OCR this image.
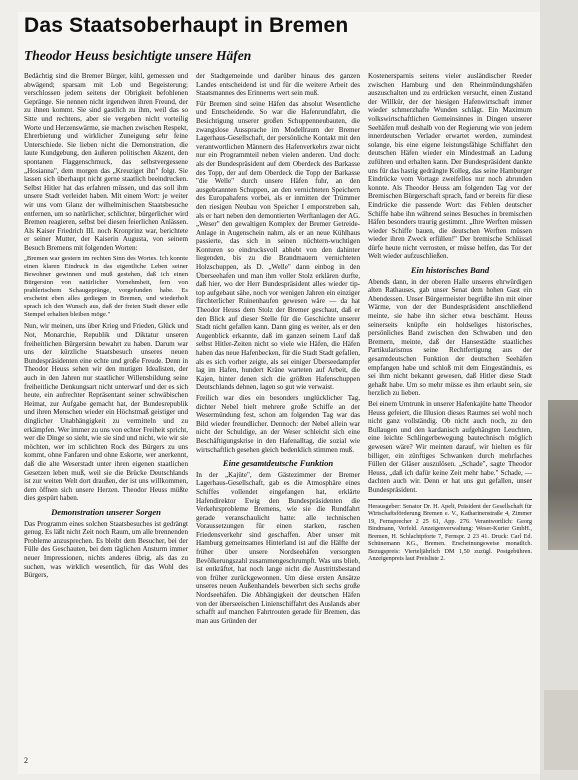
Das Staatsoberhaupt in Bremen
Theodor Heuss besichtigte unsere Häfen

Bedächtig sind die Bremer Bürger, kühl, gemessen und abwägend; sparsam mit Lob und Begeisterung; verschlossen jedem seitens der Obrigkeit befohlenen Gepränge. Sie nennen nicht irgendwen ihren Freund, der zu ihnen kommt. Sie sind gastlich zu ihm, weil das so Sitte und rechtens, aber sie vergeben nicht vorteilig Worte und Herzenswärme, sie machen zwischen Respekt, Ehrerbietung und wirklicher Zuneigung sehr feine Unterschiede. Sie lieben nicht die Demonstration, die laute Kundgebung, den äußeren politischen Akzent, den spontanen Flaggenschmuck, das selbstvergessene „Hosianna", dem morgen das „Kreuziget ihn" folgt. Sie lassen sich überhaupt nicht gerne staatlich beeindrucken. Selbst Hitler hat das erfahren müssen, und das soll ihm unsere Stadt verleidet haben. Mit einem Wort: je weiter wir uns vom Glanz der wilhelminischen Staatsbesuche entfernen, um so natürlicher, schlichter, bürgerlicher wird Bremen reagieren, selbst bei diesen feierlichen Anlässen. Als Kaiser Friedrich III. noch Kronprinz war, berichtete er seiner Mutter, der Kaiserin Augusta, von seinem Besuch Bremens mit folgenden Worten:

„Bremen war gestern im rechten Sinn des Wortes. Ich konnte einen klaren Eindruck in das eigentliche Leben seiner Bewohner gewinnen und muß gestehen, daß ich einen Bürgersinn von natürlicher Vornehmheit, fern von prahlerischem Schaugepränge, vorgefunden habe. Es erscheint eben alles gediegen in Bremen, und wiederholt sprach ich den Wunsch aus, daß der freien Stadt dieser edle Stempel erhalten bleiben möge."

Nun, wir meinen, uns über Krieg und Frieden, Glück und Not, Monarchie, Republik und Diktatur unseren freiheitlichen Bürgersinn bewahrt zu haben. Darum war uns der kürzliche Staatsbesuch unseres neuen Bundespräsidenten eine echte und große Freude. Denn in Theodor Heuss sehen wir den mutigen Idealisten, der auch in den Jahren nur staatlicher Willensbildung seine freiheitliche Denkungsart nicht unterwarf und der es sich heute, ein aufrechter Repräsentant seiner schwäbischen Heimat, zur Aufgabe gemacht hat, der Bundesrepublik und ihren Menschen wieder ein Höchstmaß geistiger und dinglicher Unabhängigkeit zu vermitteln und zu erkämpfen. Wer immer zu uns von echter Freiheit spricht, wer die Dinge so sieht, wie sie sind und nicht, wie wir sie möchten, wer im schlichten Rock des Bürgers zu uns kommt, ohne Fanfaren und ohne Eskorte, wer anerkennt, daß die alte Weserstadt unter ihren eigenen staatlichen Gesetzen leben muß, weil sie die Brücke Deutschlands ist zur weiten Welt dort draußen, der ist uns willkommen, dem öffnen sich unsere Herzen. Theodor Heuss müßte dies gespürt haben.

Demonstration unserer Sorgen

Das Programm eines solchen Staatsbesuches ist gedrängt genug. Es läßt nicht Zeit noch Raum, um alle brennenden Probleme anzusprechen. Es bleibt dem Besucher, bei der Fülle des Geschauten, bei dem täglichen Ansturm immer neuer Impressionen, nichts anderes übrig, als das zu suchen, was wirklich wesentlich, für das Wohl des Bürgers,

der Stadtgemeinde und darüber hinaus des ganzen Landes entscheidend ist und für die weitere Arbeit des Staatsmannes des Erinnerns wert sein muß.

Für Bremen sind seine Häfen das absolut Wesentliche und Entscheidende. So war die Hafenrundfahrt, die Besichtigung unserer großen Schuppenneubauten, die zwangslose Aussprache im Modellraum der Bremer Lagerhaus-Gesellschaft, der persönliche Kontakt mit den verantwortlichen Männern des Hafenverkehrs zwar nicht nur ein Programmteil neben vielen anderen. Und doch: als der Bundespräsident auf dem Oberdeck des Barkasse des Topp, der auf dem Oberdeck die Topp der Barkasse "die Welle" durch unsere Häfen fuhr, an den ausgebrannten Schuppen, an den vernichteten Speichern des Europahafens vorbei, als er inmitten der Trümmer den riesigen Neubau von Speicher I emporstreben sah, als er hart neben den demontierten Werftanlagen der AG. „Weser" den gewaltigen Komplex der Bremer Getreide-Anlage in Augenschein nahm, als er an neue Kühlhaus passierte, das sich in seinen nüchtern-wuchtigen Konturen so eindrucksvoll abhebt von den dahinter liegenden, bis zu die Brandmauern vernichteten Holzschuppen, als D. „Welle" dann einbog in den Überseehafen und man ihm voller Stolz erklären durfte, daß hier, wo der Herr Bundespräsident alles wieder tip-top aufgebaut sähe, noch vor wenigen Jahren ein einziger fürchterlicher Ruinenhaufen gewesen wäre — da hat Theodor Heuss dem Stolz der Bremer geschaut, daß er den Blick auf dieser Stelle für die Geschichte unserer Stadt nicht gefallen kann. Dann ging es weiter, als er den Augenblick erkannte, daß im ganzen seinem Lauf daß selbst Hitler-Zeiten nicht so viele wie Häfen, die Häfen haben das neue Hafenbecken, für die Stadt Stadt gefallen, als es sich vorher zeigte, als sei einiger Überseedampfer lag im Hafen, hundert Kräne warteten auf Arbeit, die Kajen, hinter denen sich die größten Hafenschuppen Deutschlands dehnen, lagen so gut wie verwaist.

Freilich war dies ein besonders unglücklicher Tag, dichter Nebel hielt mehrere große Schiffe an der Wesermündung fest, schon am folgenden Tag war das Bild wieder freundlicher. Dennoch: der Nebel allein war nicht der Schuldige, an der Weser schleicht sich eine Beschäftigungskrise in den Hafenalltag, die sozial wie wirtschaftlich gesehen gleich bedenklich stimmen muß.

Eine gesamtdeutsche Funktion

In der „Kajüte", dem Gästezimmer der Bremer Lagerhaus-Gesellschaft, gab es die Atmosphäre eines Schiffes vollendet eingefangen hat, erklärte Hafendirektor Ewig den Bundespräsidenten die Verkehrsprobleme Bremens, wie sie die Rundfahrt gerade veranschaulicht hatte: alle technischen Voraussetzungen für einen starken, raschen Friedensverkehr sind geschaffen. Aber unser mit Hamburg gemeinsames Hinterland ist auf die Hälfte der früher über unsere Nordseehäfen versorgten Bevölkerungszahl zusammengeschrumpft. Was uns blieb, ist entkräftet, hat noch lange nicht die Austrittsbestand von früher zurückgewonnen. Um diese ersten Ansätze unseres neuen Außenhandels bewerben sich sechs große Nordseehäfen. Die Abhängigkeit der deutschen Häfen von der überseeischen Linienschiffahrt des Auslands aber schafft auf manchen Fahrtrouten gerade für Bremen, das man aus Gründen der

Kostenersparnis seitens vieler ausländischer Reeder zwischen Hamburg und den Rheinmündungshäfen auszuschalten und zu erdrücken versucht, einen Zustand der Willkür, der der hiesigen Hafenwirtschaft immer wieder schmerzhafte Wunden schlägt. Ein Maximum volkswirtschaftlichen Gemeinsinnes in Dingen unserer Seehäfen muß deshalb von der Regierung wie von jedem innerdeutschen Verlader erwartet werden, zumindest solange, bis eine eigene leistungsfähige Schiffahrt den deutschen Häfen wieder ein Mindestmaß an Ladung zuführen und erhalten kann. Der Bundespräsident dankte uns für das hastig gedrängte Kolleg, das seine Hamburger Eindrücke vom Vortage zweifellos nur noch abrunden konnte. Als Theodor Heuss am folgenden Tag vor der Bremischen Bürgerschaft sprach, fand er bereits für diese Eindrücke die passende Wort: das Fehlen deutscher Schiffe habe ihn während seines Besuches in bremischen Häfen besonders traurig gestimmt. „Ihre Werften müssen wieder Schiffe bauen, die deutschen Werften müssen wieder ihren Zweck erfüllen!" Der bremische Schlüssel dürfe heute nicht verrosten, er müsse helfen, das Tor der Welt wieder aufzuschließen.

Ein historisches Band

Abends dann, in der oberen Halle unseres ehrwürdigen alten Rathauses, gab unser Senat dem hohen Gast ein Abendessen. Unser Bürgermeister begrüßte ihn mit einer Wärme, von der der Bundespräsident anschließend meinte, sie habe ihn sicher etwa beschämt. Heuss seinerseits knüpfte ein holdseliges historisches, persönliches Band zwischen den Schwaben und den Bremern, meinte, daß der Hansestädte staatliches Partikularismus seine Rechtfertigung aus der gesamtdeutschen Funktion der deutschen Seehäfen empfangen habe und schloß mit dem Eingeständnis, es sei ihm nicht bekannt gewesen, daß Hitler diese Stadt gehaßt habe. Um so mehr müsse es ihm erlaubt sein, sie herzlich zu lieben.

Bei einem Umtrunk in unserer Hafenkajüte hatte Theodor Heuss gefeiert, die Illusion dieses Raumes sei wohl noch nicht ganz vollständig. Ob nicht auch noch, zu den Bullaugen und den kardanisch aufgehängten Leuchten, eine leichte Schlingerbewegung bautechnisch möglich gewesen wäre? Wir meinten darauf, wir hielten es für billiger, ein zünftiges Schwanken durch mehrfaches Füllen der Gläser auszulösen. „Schade", sagte Theodor Heuss, „daß ich dafür keine Zeit mehr habe." Schade, — dachten auch wir. Denn er hat uns gut gefallen, unser Bundespräsident.

Herausgeber: Senator Dr. H. Apelt, Präsident der Gesellschaft für Wirtschaftsförderung Bremen e. V., Katharinenstraße 4, Zimmer 19, Fernsprecher 2 25 61, App. 276. Verantwortlich: Georg Bindmann, Verfeld. Anzeigenverwaltung: Weser-Kurier GmbH., Bremen, H. Schlachtpforte 7, Fernspr. 2 23 41. Druck: Carl Ed. Schünemann KG., Bremen. Erscheinungsweise monatlich. Bezugspreis: Vierteljährlich DM 1,50 zuzügl. Postgebühren. Anzeigenpreis laut Preisliste 2.
2
